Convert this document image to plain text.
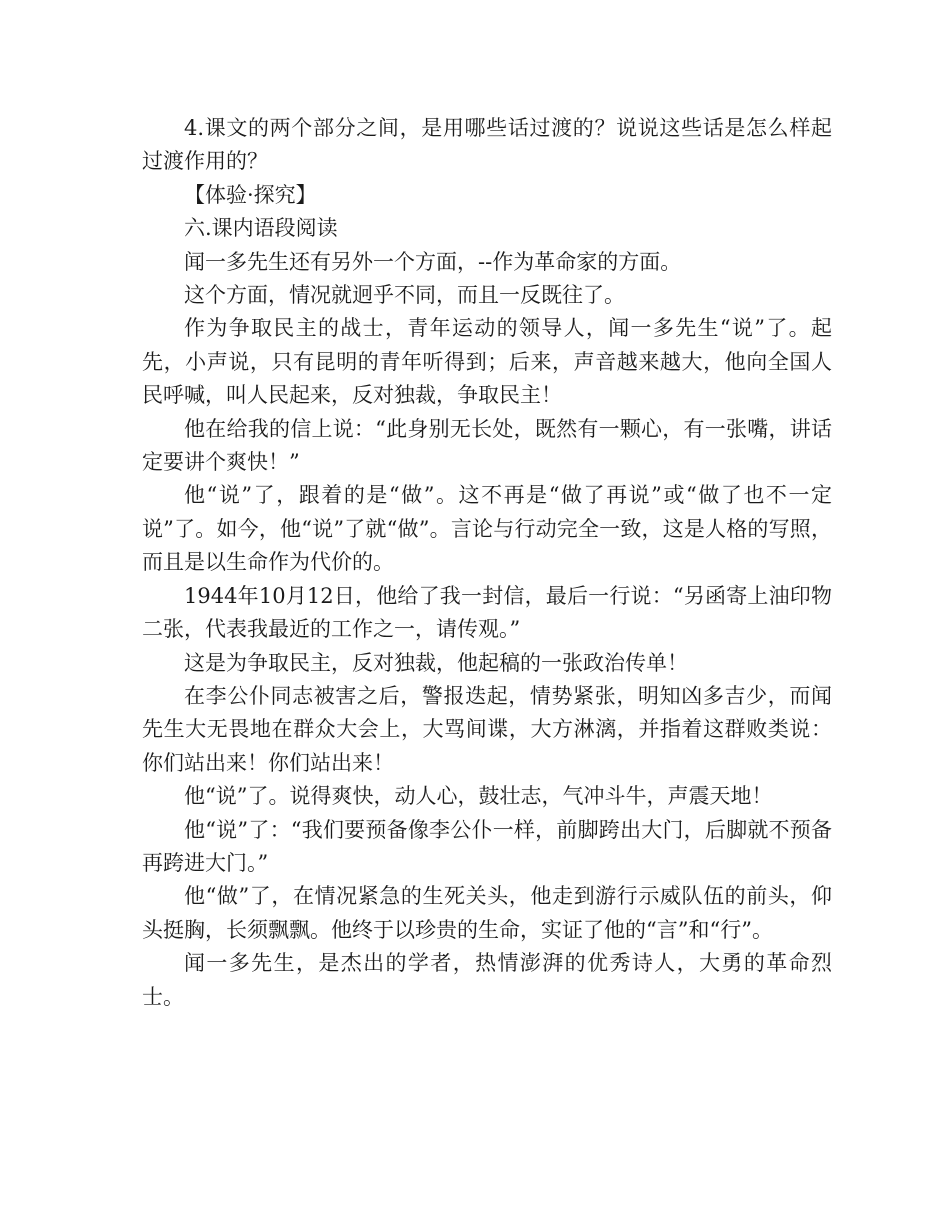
4.课文的两个部分之间，是用哪些话过渡的？说说这些话是怎么样起过渡作用的？

【体验·探究】

六.课内语段阅读

闻一多先生还有另外一个方面，--作为革命家的方面。

这个方面，情况就迥乎不同，而且一反既往了。

作为争取民主的战士，青年运动的领导人，闻一多先生“说”了。起先，小声说，只有昆明的青年听得到；后来，声音越来越大，他向全国人民呼喊，叫人民起来，反对独裁，争取民主！

他在给我的信上说：“此身别无长处，既然有一颗心，有一张嘴，讲话定要讲个爽快！”

他“说”了，跟着的是“做”。这不再是“做了再说”或“做了也不一定说”了。如今，他“说”了就“做”。言论与行动完全一致，这是人格的写照，而且是以生命作为代价的。

1944年10月12日，他给了我一封信，最后一行说：“另函寄上油印物二张，代表我最近的工作之一，请传观。”

这是为争取民主，反对独裁，他起稿的一张政治传单！

在李公仆同志被害之后，警报迭起，情势紧张，明知凶多吉少，而闻先生大无畏地在群众大会上，大骂间谍，大方淋漓，并指着这群败类说：你们站出来！你们站出来！

他“说”了。说得爽快，动人心，鼓壮志，气冲斗牛，声震天地！

他“说”了：“我们要预备像李公仆一样，前脚跨出大门，后脚就不预备再跨进大门。”

他“做”了，在情况紧急的生死关头，他走到游行示威队伍的前头，仰头挺胸，长须飘飘。他终于以珍贵的生命，实证了他的“言”和“行”。

闻一多先生，是杰出的学者，热情澎湃的优秀诗人，大勇的革命烈士。
